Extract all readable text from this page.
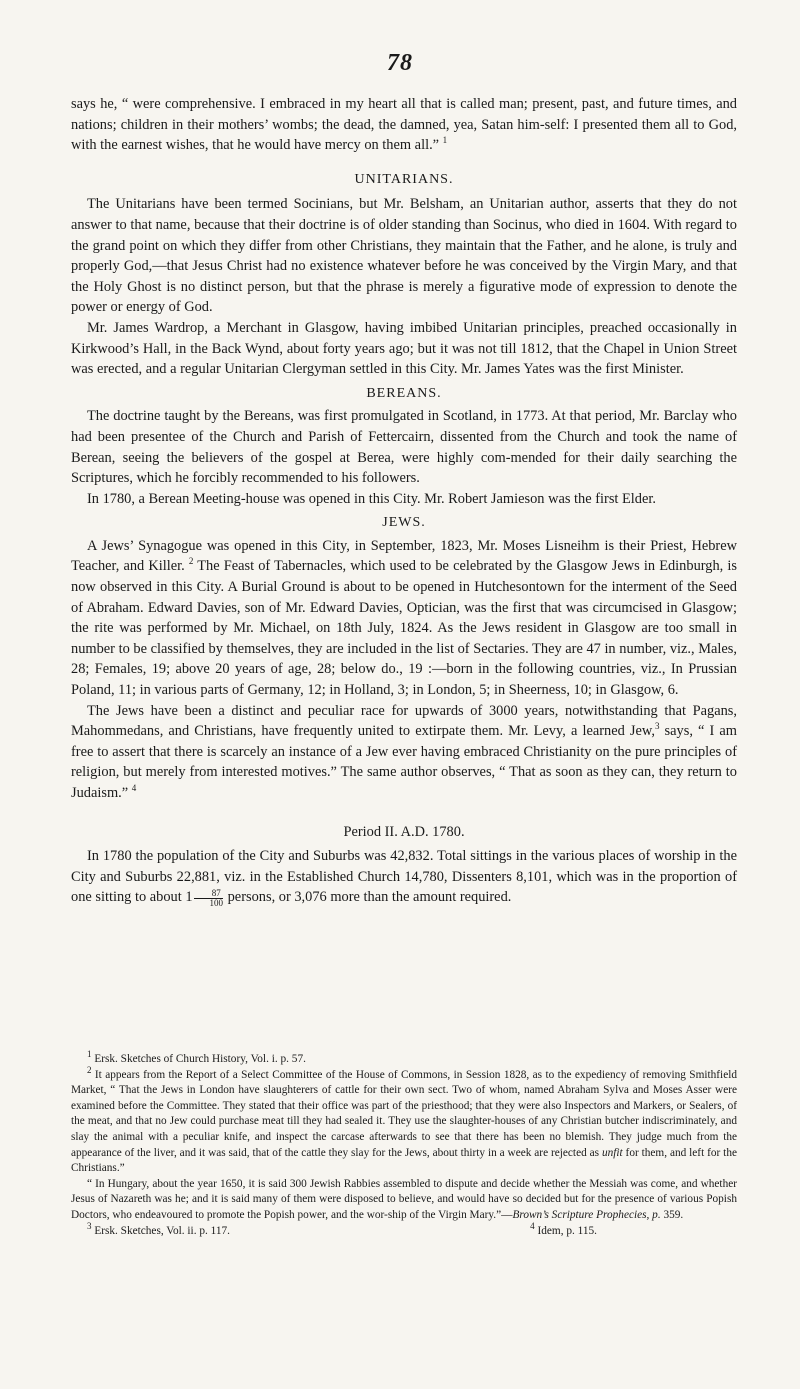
78

says he, “ were comprehensive. I embraced in my heart all that is called man; present, past, and future times, and nations; children in their mothers’ wombs; the dead, the damned, yea, Satan him-self: I presented them all to God, with the earnest wishes, that he would have mercy on them all.” $^1$

UNITARIANS.

The Unitarians have been termed Socinians, but Mr. Belsham, an Unitarian author, asserts that they do not answer to that name, because that their doctrine is of older standing than Socinus, who died in 1604. With regard to the grand point on which they differ from other Christians, they maintain that the Father, and he alone, is truly and properly God,—that Jesus Christ had no existence whatever before he was conceived by the Virgin Mary, and that the Holy Ghost is no distinct person, but that the phrase is merely a figurative mode of expression to denote the power or energy of God.

Mr. James Wardrop, a Merchant in Glasgow, having imbibed Unitarian principles, preached occasionally in Kirkwood’s Hall, in the Back Wynd, about forty years ago; but it was not till 1812, that the Chapel in Union Street was erected, and a regular Unitarian Clergyman settled in this City. Mr. James Yates was the first Minister.

BEREANS.

The doctrine taught by the Bereans, was first promulgated in Scotland, in 1773. At that period, Mr. Barclay who had been presentee of the Church and Parish of Fettercairn, dissented from the Church and took the name of Berean, seeing the believers of the gospel at Berea, were highly com-mended for their daily searching the Scriptures, which he forcibly recommended to his followers.

In 1780, a Berean Meeting-house was opened in this City. Mr. Robert Jamieson was the first Elder.

JEWS.

A Jews’ Synagogue was opened in this City, in September, 1823, Mr. Moses Lisneihm is their Priest, Hebrew Teacher, and Killer. $^2$ The Feast of Tabernacles, which used to be celebrated by the Glasgow Jews in Edinburgh, is now observed in this City. A Burial Ground is about to be opened in Hutchesontown for the interment of the Seed of Abraham. Edward Davies, son of Mr. Edward Davies, Optician, was the first that was circumcised in Glasgow; the rite was performed by Mr. Michael, on 18th July, 1824. As the Jews resident in Glasgow are too small in number to be classified by themselves, they are included in the list of Sectaries. They are 47 in number, viz., Males, 28; Females, 19; above 20 years of age, 28; below do., 19 :—born in the following countries, viz., In Prussian Poland, 11; in various parts of Germany, 12; in Holland, 3; in London, 5; in Sheerness, 10; in Glasgow, 6.

The Jews have been a distinct and peculiar race for upwards of 3000 years, notwithstanding that Pagans, Mahommedans, and Christians, have frequently united to extirpate them. Mr. Levy, a learned Jew,$^3$ says, “ I am free to assert that there is scarcely an instance of a Jew ever having embraced Christianity on the pure principles of religion, but merely from interested motives.” The same author observes, “ That as soon as they can, they return to Judaism.” $^4$

Period II. A.D. 1780.

In 1780 the population of the City and Suburbs was 42,832. Total sittings in the various places of worship in the City and Suburbs 22,881, viz. in the Established Church 14,780, Dissenters 8,101, which was in the proportion of one sitting to about $1 \frac{87}{100}$ persons, or 3,076 more than the amount required.

$^1$ Ersk. Sketches of Church History, Vol. i. p. 57.

$^2$ It appears from the Report of a Select Committee of the House of Commons, in Session 1828, as to the expediency of removing Smithfield Market, “ That the Jews in London have slaughterers of cattle for their own sect. Two of whom, named Abraham Sylva and Moses Asser were examined before the Committee. They stated that their office was part of the priesthood; that they were also Inspectors and Markers, or Sealers, of the meat, and that no Jew could purchase meat till they had sealed it. They use the slaughter-houses of any Christian butcher indiscriminately, and slay the animal with a peculiar knife, and inspect the carcase afterwards to see that there has been no blemish. They judge much from the appearance of the liver, and it was said, that of the cattle they slay for the Jews, about thirty in a week are rejected as unfit for them, and left for the Christians.”

“ In Hungary, about the year 1650, it is said 300 Jewish Rabbies assembled to dispute and decide whether the Messiah was come, and whether Jesus of Nazareth was he; and it is said many of them were disposed to believe, and would have so decided but for the presence of various Popish Doctors, who endeavoured to promote the Popish power, and the wor-ship of the Virgin Mary.”—Brown’s Scripture Prophecies, p. 359.

$^3$ Ersk. Sketches, Vol. ii. p. 117.	$^4$ Idem, p. 115.
